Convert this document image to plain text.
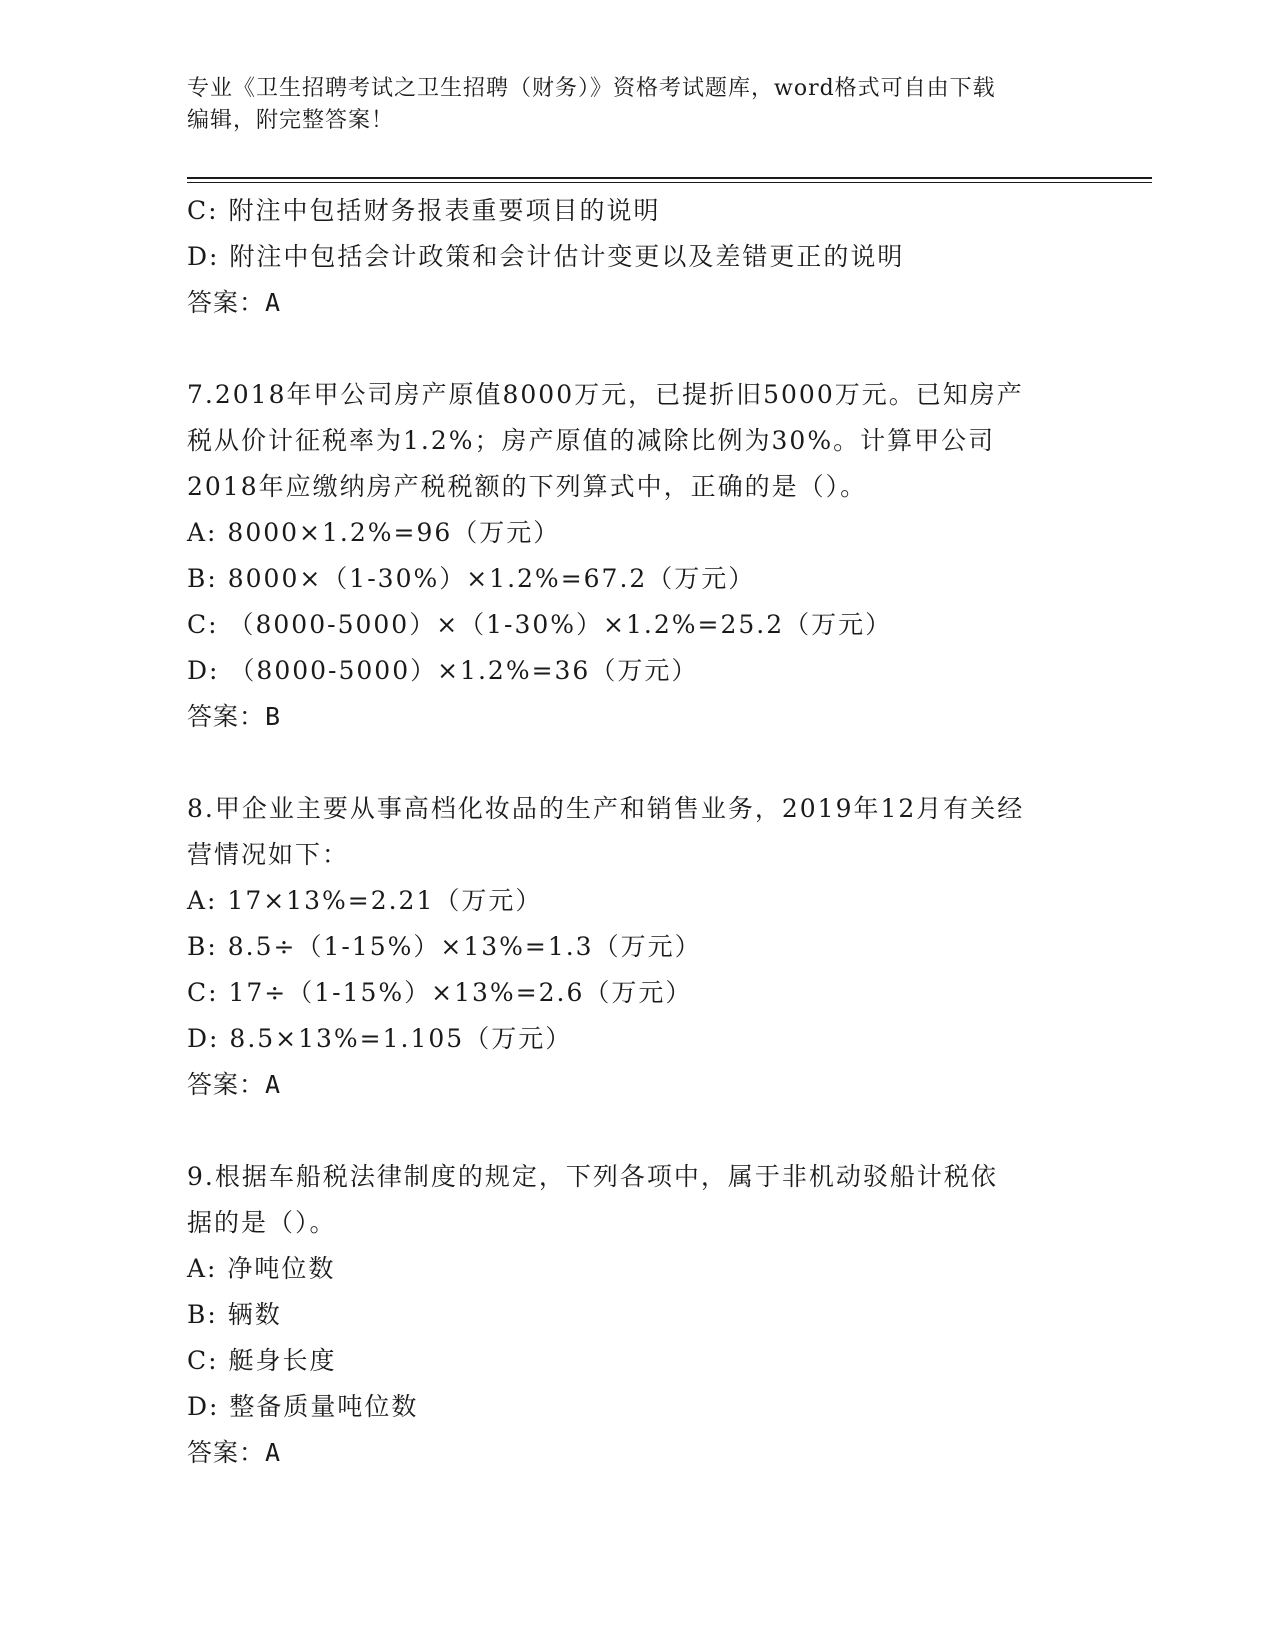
专业《卫生招聘考试之卫生招聘（财务）》资格考试题库，word格式可自由下载
编辑，附完整答案！
C: 附注中包括财务报表重要项目的说明
D: 附注中包括会计政策和会计估计变更以及差错更正的说明
答案：A
7.2018年甲公司房产原值8000万元，已提折旧5000万元。已知房产
税从价计征税率为1.2%；房产原值的减除比例为30%。计算甲公司
2018年应缴纳房产税税额的下列算式中，正确的是（）。
A: 8000×1.2%=96（万元）
B: 8000×（1-30%）×1.2%=67.2（万元）
C: （8000-5000）×（1-30%）×1.2%=25.2（万元）
D: （8000-5000）×1.2%=36（万元）
答案：B
8.甲企业主要从事高档化妆品的生产和销售业务，2019年12月有关经
营情况如下：
A: 17×13%=2.21（万元）
B: 8.5÷（1-15%）×13%=1.3（万元）
C: 17÷（1-15%）×13%=2.6（万元）
D: 8.5×13%=1.105（万元）
答案：A
9.根据车船税法律制度的规定，下列各项中，属于非机动驳船计税依
据的是（）。
A: 净吨位数
B: 辆数
C: 艇身长度
D: 整备质量吨位数
答案：A
